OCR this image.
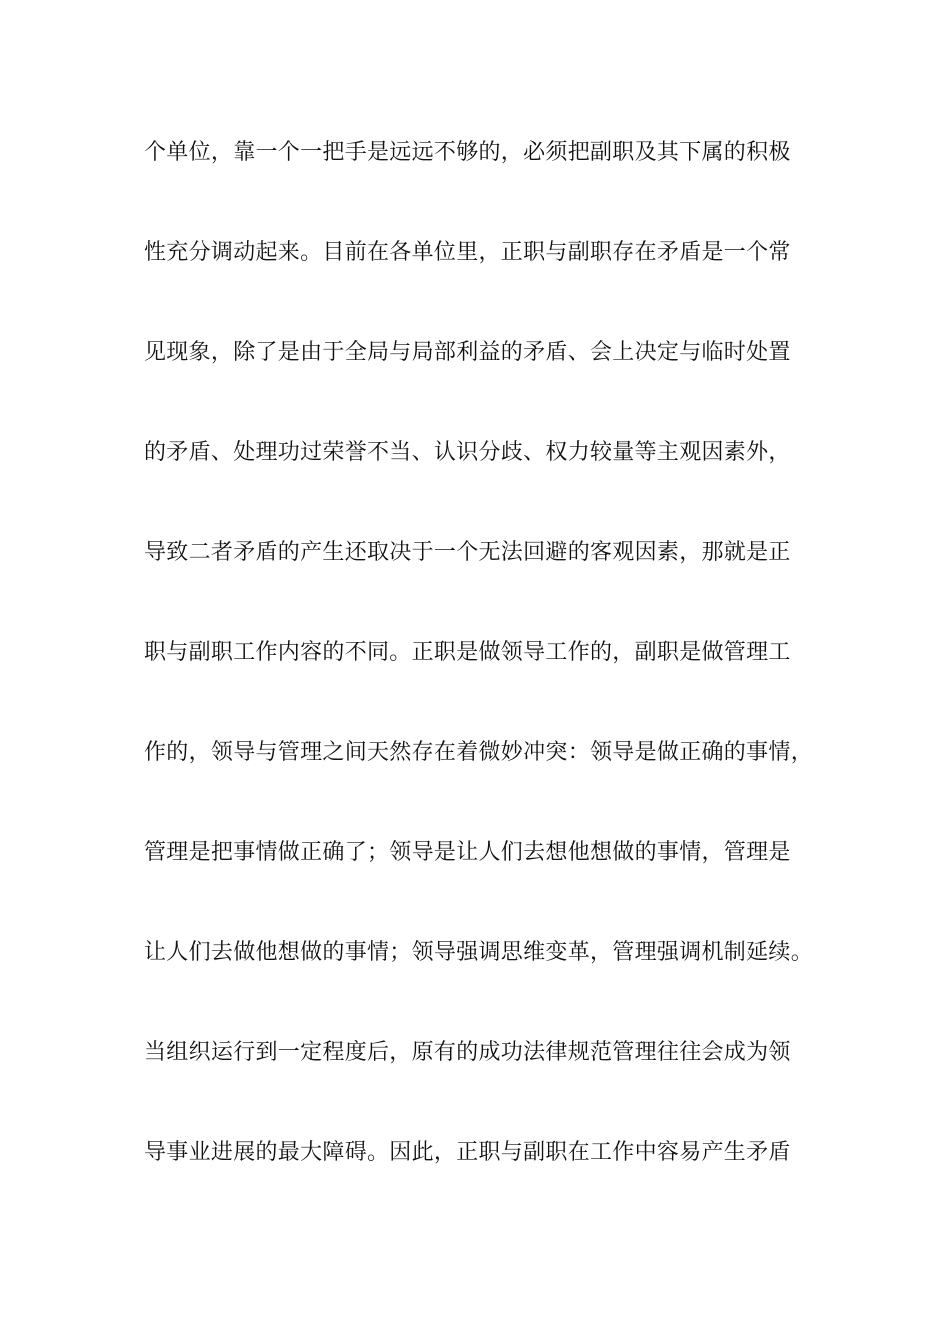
个单位，靠一个一把手是远远不够的，必须把副职及其下属的积极
性充分调动起来。目前在各单位里，正职与副职存在矛盾是一个常
见现象，除了是由于全局与局部利益的矛盾、会上决定与临时处置
的矛盾、处理功过荣誉不当、认识分歧、权力较量等主观因素外，
导致二者矛盾的产生还取决于一个无法回避的客观因素，那就是正
职与副职工作内容的不同。正职是做领导工作的，副职是做管理工
作的，领导与管理之间天然存在着微妙冲突：领导是做正确的事情，
管理是把事情做正确了；领导是让人们去想他想做的事情，管理是
让人们去做他想做的事情；领导强调思维变革，管理强调机制延续。
当组织运行到一定程度后，原有的成功法律规范管理往往会成为领
导事业进展的最大障碍。因此，正职与副职在工作中容易产生矛盾
